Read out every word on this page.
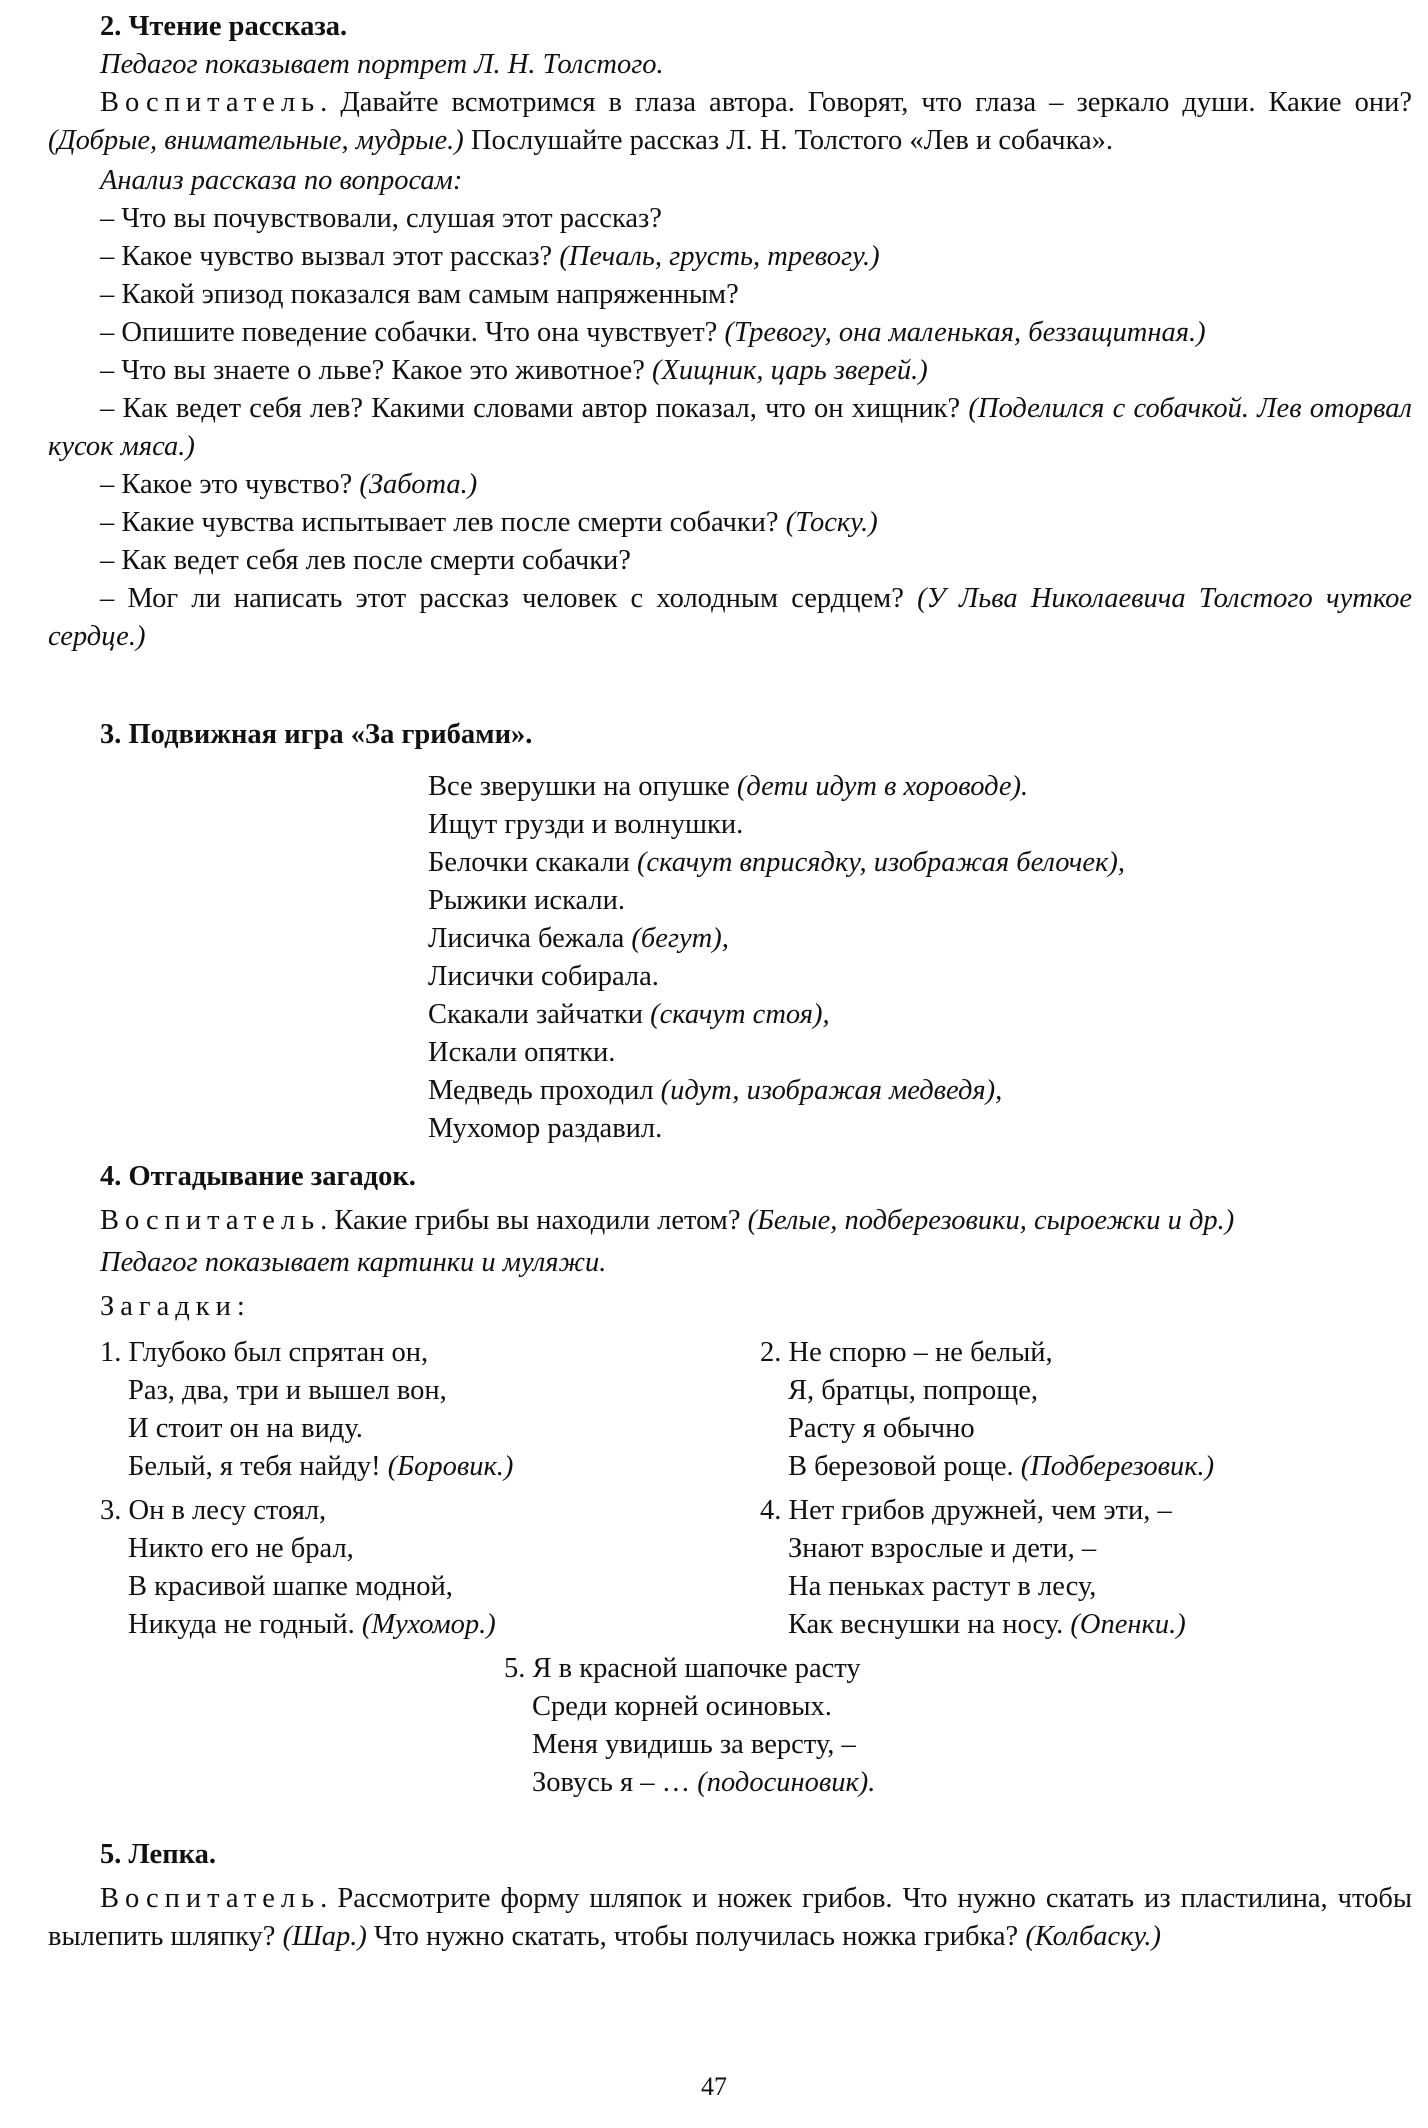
2. Чтение рассказа.
Педагог показывает портрет Л. Н. Толстого.
Воспитатель. Давайте всмотримся в глаза автора. Говорят, что глаза – зеркало души. Какие они? (Добрые, внимательные, мудрые.) Послушайте рассказ Л. Н. Толстого «Лев и собачка».
Анализ рассказа по вопросам:
– Что вы почувствовали, слушая этот рассказ?
– Какое чувство вызвал этот рассказ? (Печаль, грусть, тревогу.)
– Какой эпизод показался вам самым напряженным?
– Опишите поведение собачки. Что она чувствует? (Тревогу, она маленькая, беззащитная.)
– Что вы знаете о льве? Какое это животное? (Хищник, царь зверей.)
– Как ведет себя лев? Какими словами автор показал, что он хищник? (Поделился с собачкой. Лев оторвал кусок мяса.)
– Какое это чувство? (Забота.)
– Какие чувства испытывает лев после смерти собачки? (Тоску.)
– Как ведет себя лев после смерти собачки?
– Мог ли написать этот рассказ человек с холодным сердцем? (У Льва Николаевича Толстого чуткое сердце.)
3. Подвижная игра «За грибами».
Все зверушки на опушке (дети идут в хороводе).
Ищут грузди и волнушки.
Белочки скакали (скачут вприсядку, изображая белочек),
Рыжики искали.
Лисичка бежала (бегут),
Лисички собирала.
Скакали зайчатки (скачут стоя),
Искали опятки.
Медведь проходил (идут, изображая медведя),
Мухомор раздавил.
4. Отгадывание загадок.
Воспитатель. Какие грибы вы находили летом? (Белые, подберезовики, сыроежки и др.)
Педагог показывает картинки и муляжи.
Загадки:
1. Глубоко был спрятан он,
Раз, два, три и вышел вон,
И стоит он на виду.
Белый, я тебя найду! (Боровик.)
2. Не спорю – не белый,
Я, братцы, попроще,
Расту я обычно
В березовой роще. (Подберезовик.)
3. Он в лесу стоял,
Никто его не брал,
В красивой шапке модной,
Никуда не годный. (Мухомор.)
4. Нет грибов дружней, чем эти, –
Знают взрослые и дети, –
На пеньках растут в лесу,
Как веснушки на носу. (Опенки.)
5. Я в красной шапочке расту
Среди корней осиновых.
Меня увидишь за версту, –
Зовусь я – … (подосиновик).
5. Лепка.
Воспитатель. Рассмотрите форму шляпок и ножек грибов. Что нужно скатать из пластилина, чтобы вылепить шляпку? (Шар.) Что нужно скатать, чтобы получилась ножка грибка? (Колбаску.)
47
